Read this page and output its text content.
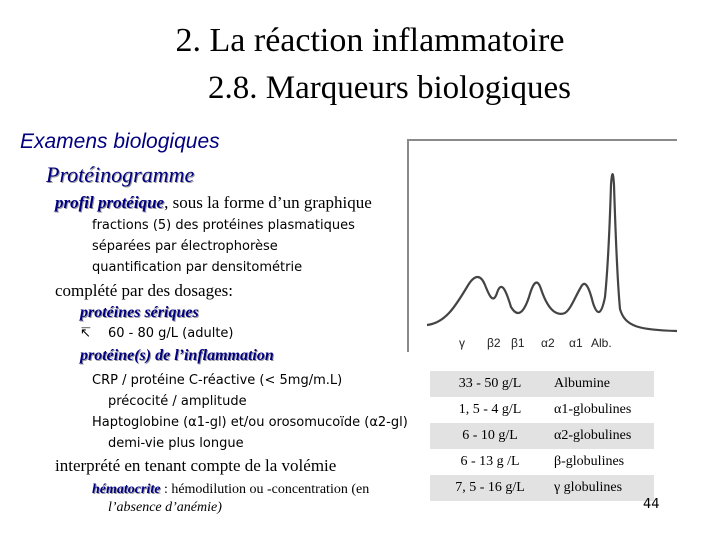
2. La réaction inflammatoire
2.8. Marqueurs biologiques
Examens biologiques
Protéinogramme
profil protéique, sous la forme d’un graphique
fractions (5) des protéines plasmatiques
séparées par électrophorèse
quantification par densitométrie
complété par des dosages:
protéines sériques
↸ 60 - 80 g/L (adulte)
protéine(s) de l’inflammation
CRP / protéine C-réactive (< 5mg/m.L)
précocité / amplitude
Haptoglobine (α1-gl) et/ou orosomucoïde (α2-gl)
demi-vie plus longue
interprété en tenant compte de la volémie
hématocrite : hémodilution ou -concentration (en
l’absence d’anémie)
γ β2 β1 α2 α1 Alb.
33 - 50 g/L	Albumine
1, 5 - 4 g/L	α1-globulines
6 - 10 g/L	α2-globulines
6 - 13 g /L	β-globulines
7, 5 - 16 g/L	γ globulines
44
